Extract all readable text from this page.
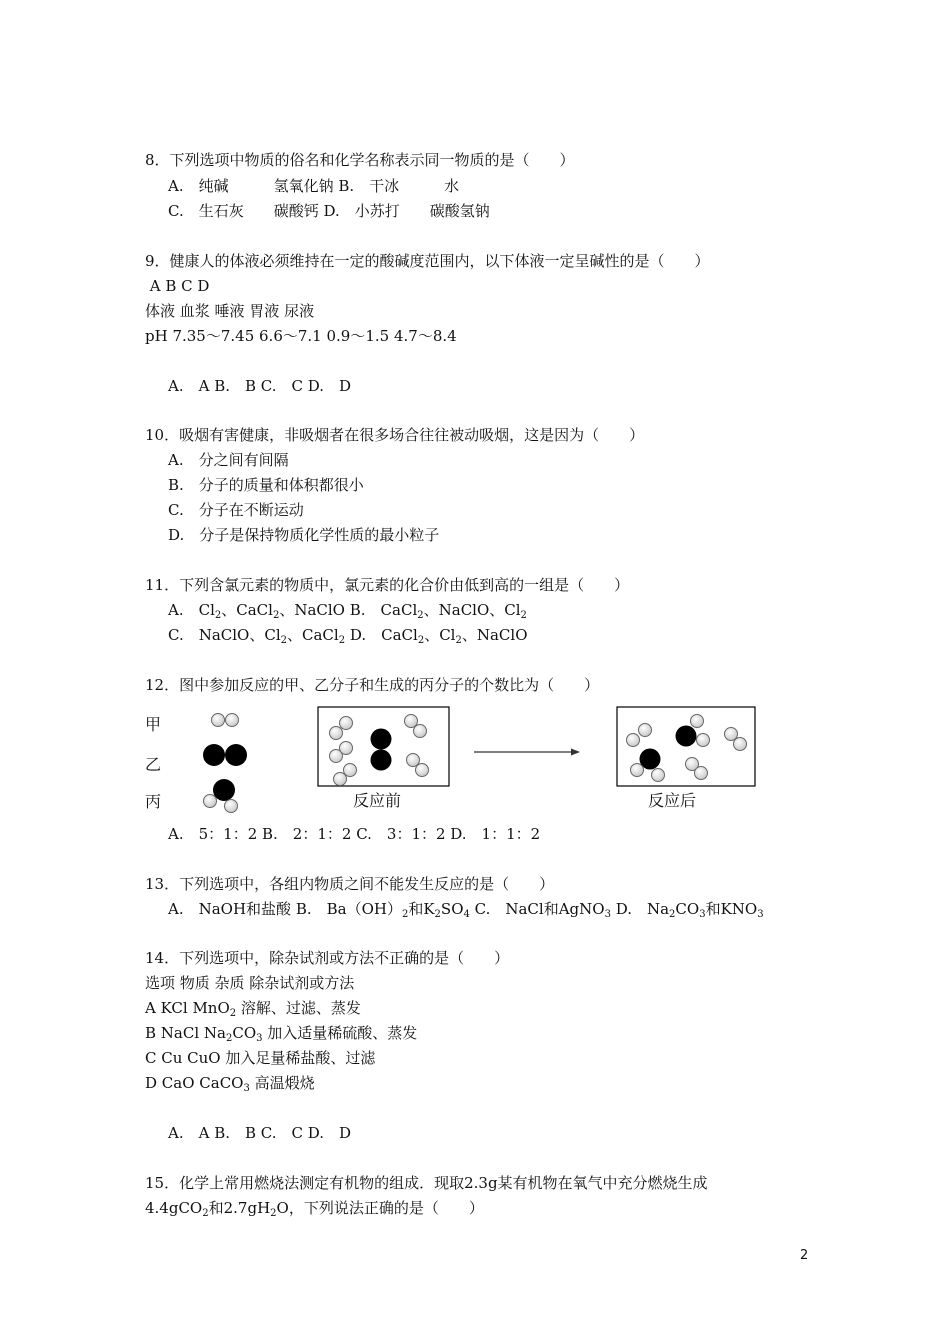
8．下列选项中物质的俗名和化学名称表示同一物质的是（　　）
A.　纯碱　　　氢氧化钠 B.　干冰　　　水
C.　生石灰　　碳酸钙 D.　小苏打　　碳酸氢钠
9．健康人的体液必须维持在一定的酸碱度范围内，以下体液一定呈碱性的是（　　）
A B C D
体液 血浆 唾液 胃液 尿液
pH 7.35～7.45 6.6～7.1 0.9～1.5 4.7～8.4
A.　A B.　B C.　C D.　D
10．吸烟有害健康，非吸烟者在很多场合往往被动吸烟，这是因为（　　）
A.　分之间有间隔
B.　分子的质量和体积都很小
C.　分子在不断运动
D.　分子是保持物质化学性质的最小粒子
11．下列含氯元素的物质中，氯元素的化合价由低到高的一组是（　　）
A.　$Cl_2$、CaCl$_2$、NaClO B.　CaCl$_2$、NaClO、$Cl_2$
C.　NaClO、$Cl_2$、CaCl$_2$ D.　CaCl$_2$、$Cl_2$、NaClO
12．图中参加反应的甲、乙分子和生成的丙分子的个数比为（　　）
甲
乙
丙	反应前	反应后
A.　5：1：2 B.　2：1：2 C.　3：1：2 D.　1：1：2
13．下列选项中，各组内物质之间不能发生反应的是（　　）
A.　NaOH和盐酸 B.　$Ba(OH)_2$和$K_2SO_4$ C.　NaCl和AgNO$_3$ D.　$Na_2CO_3$和$KNO_3$
14．下列选项中，除杂试剂或方法不正确的是（　　）
选项 物质 杂质 除杂试剂或方法
A KCl MnO$_2$ 溶解、过滤、蒸发
B NaCl $Na_2CO_3$ 加入适量稀硫酸、蒸发
C Cu CuO 加入足量稀盐酸、过滤
D CaO CaCO$_3$ 高温煅烧
A.　A B.　B C.　C D.　D
15．化学上常用燃烧法测定有机物的组成．现取2.3g某有机物在氧气中充分燃烧生成
4.4gCO$_2$和$2.7gH_2O$，下列说法正确的是（　　）
2
